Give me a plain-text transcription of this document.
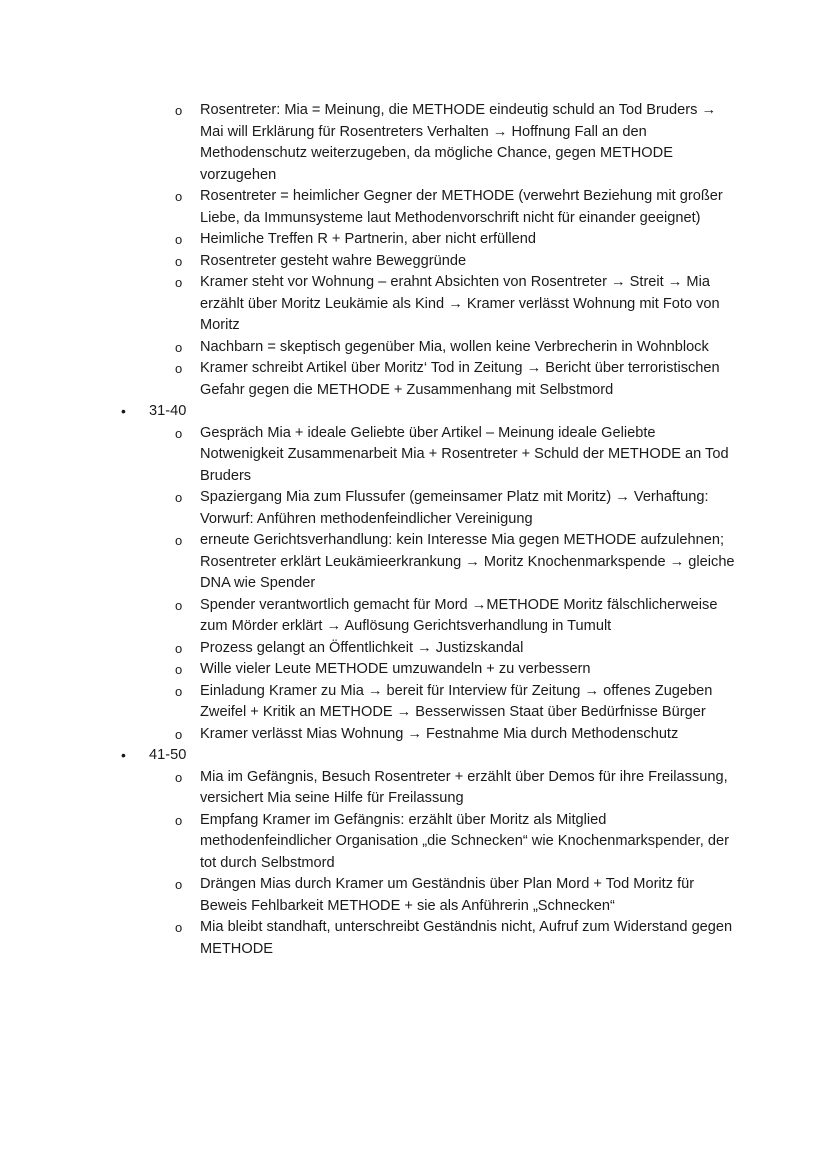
o Rosentreter: Mia = Meinung, die METHODE eindeutig schuld an Tod Bruders → Mai will Erklärung für Rosentreters Verhalten → Hoffnung Fall an den Methodenschutz weiterzugeben, da mögliche Chance, gegen METHODE vorzugehen
o Rosentreter = heimlicher Gegner der METHODE (verwehrt Beziehung mit großer Liebe, da Immunsysteme laut Methodenvorschrift nicht für einander geeignet)
o Heimliche Treffen R + Partnerin, aber nicht erfüllend
o Rosentreter gesteht wahre Beweggründe
o Kramer steht vor Wohnung – erahnt Absichten von Rosentreter → Streit → Mia erzählt über Moritz Leukämie als Kind → Kramer verlässt Wohnung mit Foto von Moritz
o Nachbarn = skeptisch gegenüber Mia, wollen keine Verbrecherin in Wohnblock
o Kramer schreibt Artikel über Moritz‘ Tod in Zeitung → Bericht über terroristischen Gefahr gegen die METHODE + Zusammenhang mit Selbstmord
• 31-40
o Gespräch Mia + ideale Geliebte über Artikel – Meinung ideale Geliebte Notwenigkeit Zusammenarbeit Mia + Rosentreter + Schuld der METHODE an Tod Bruders
o Spaziergang Mia zum Flussufer (gemeinsamer Platz mit Moritz) → Verhaftung: Vorwurf: Anführen methodenfeindlicher Vereinigung
o erneute Gerichtsverhandlung: kein Interesse Mia gegen METHODE aufzulehnen; Rosentreter erklärt Leukämieerkrankung → Moritz Knochenmarkspende → gleiche DNA wie Spender
o Spender verantwortlich gemacht für Mord →METHODE Moritz fälschlicherweise zum Mörder erklärt → Auflösung Gerichtsverhandlung in Tumult
o Prozess gelangt an Öffentlichkeit → Justizskandal
o Wille vieler Leute METHODE umzuwandeln + zu verbessern
o Einladung Kramer zu Mia → bereit für Interview für Zeitung → offenes Zugeben Zweifel + Kritik an METHODE → Besserwissen Staat über Bedürfnisse Bürger
o Kramer verlässt Mias Wohnung → Festnahme Mia durch Methodenschutz
• 41-50
o Mia im Gefängnis, Besuch Rosentreter + erzählt über Demos für ihre Freilassung, versichert Mia seine Hilfe für Freilassung
o Empfang Kramer im Gefängnis: erzählt über Moritz als Mitglied methodenfeindlicher Organisation „die Schnecken“ wie Knochenmarkspender, der tot durch Selbstmord
o Drängen Mias durch Kramer um Geständnis über Plan Mord + Tod Moritz für Beweis Fehlbarkeit METHODE + sie als Anführerin „Schnecken“
o Mia bleibt standhaft, unterschreibt Geständnis nicht, Aufruf zum Widerstand gegen METHODE
